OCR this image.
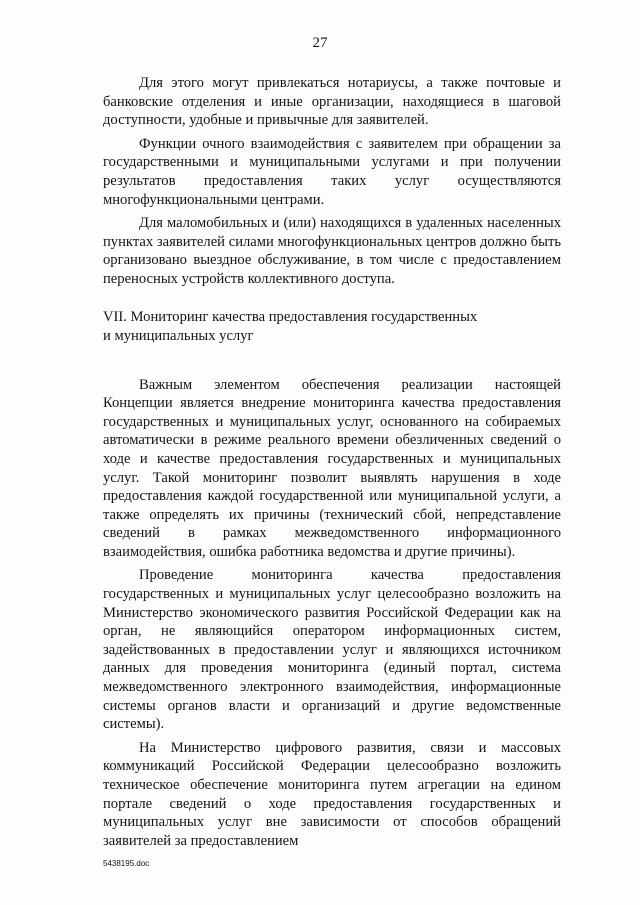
27

Для этого могут привлекаться нотариусы, а также почтовые и банковские отделения и иные организации, находящиеся в шаговой доступности, удобные и привычные для заявителей.

Функции очного взаимодействия с заявителем при обращении за государственными и муниципальными услугами и при получении результатов предоставления таких услуг осуществляются многофункциональными центрами.

Для маломобильных и (или) находящихся в удаленных населенных пунктах заявителей силами многофункциональных центров должно быть организовано выездное обслуживание, в том числе с предоставлением переносных устройств коллективного доступа.

VII. Мониторинг качества предоставления государственных
и муниципальных услуг

Важным элементом обеспечения реализации настоящей Концепции является внедрение мониторинга качества предоставления государственных и муниципальных услуг, основанного на собираемых автоматически в режиме реального времени обезличенных сведений о ходе и качестве предоставления государственных и муниципальных услуг. Такой мониторинг позволит выявлять нарушения в ходе предоставления каждой государственной или муниципальной услуги, а также определять их причины (технический сбой, непредставление сведений в рамках межведомственного информационного взаимодействия, ошибка работника ведомства и другие причины).

Проведение мониторинга качества предоставления государственных и муниципальных услуг целесообразно возложить на Министерство экономического развития Российской Федерации как на орган, не являющийся оператором информационных систем, задействованных в предоставлении услуг и являющихся источником данных для проведения мониторинга (единый портал, система межведомственного электронного взаимодействия, информационные системы органов власти и организаций и другие ведомственные системы).

На Министерство цифрового развития, связи и массовых коммуникаций Российской Федерации целесообразно возложить техническое обеспечение мониторинга путем агрегации на едином портале сведений о ходе предоставления государственных и муниципальных услуг вне зависимости от способов обращений заявителей за предоставлением

5438195.doc
